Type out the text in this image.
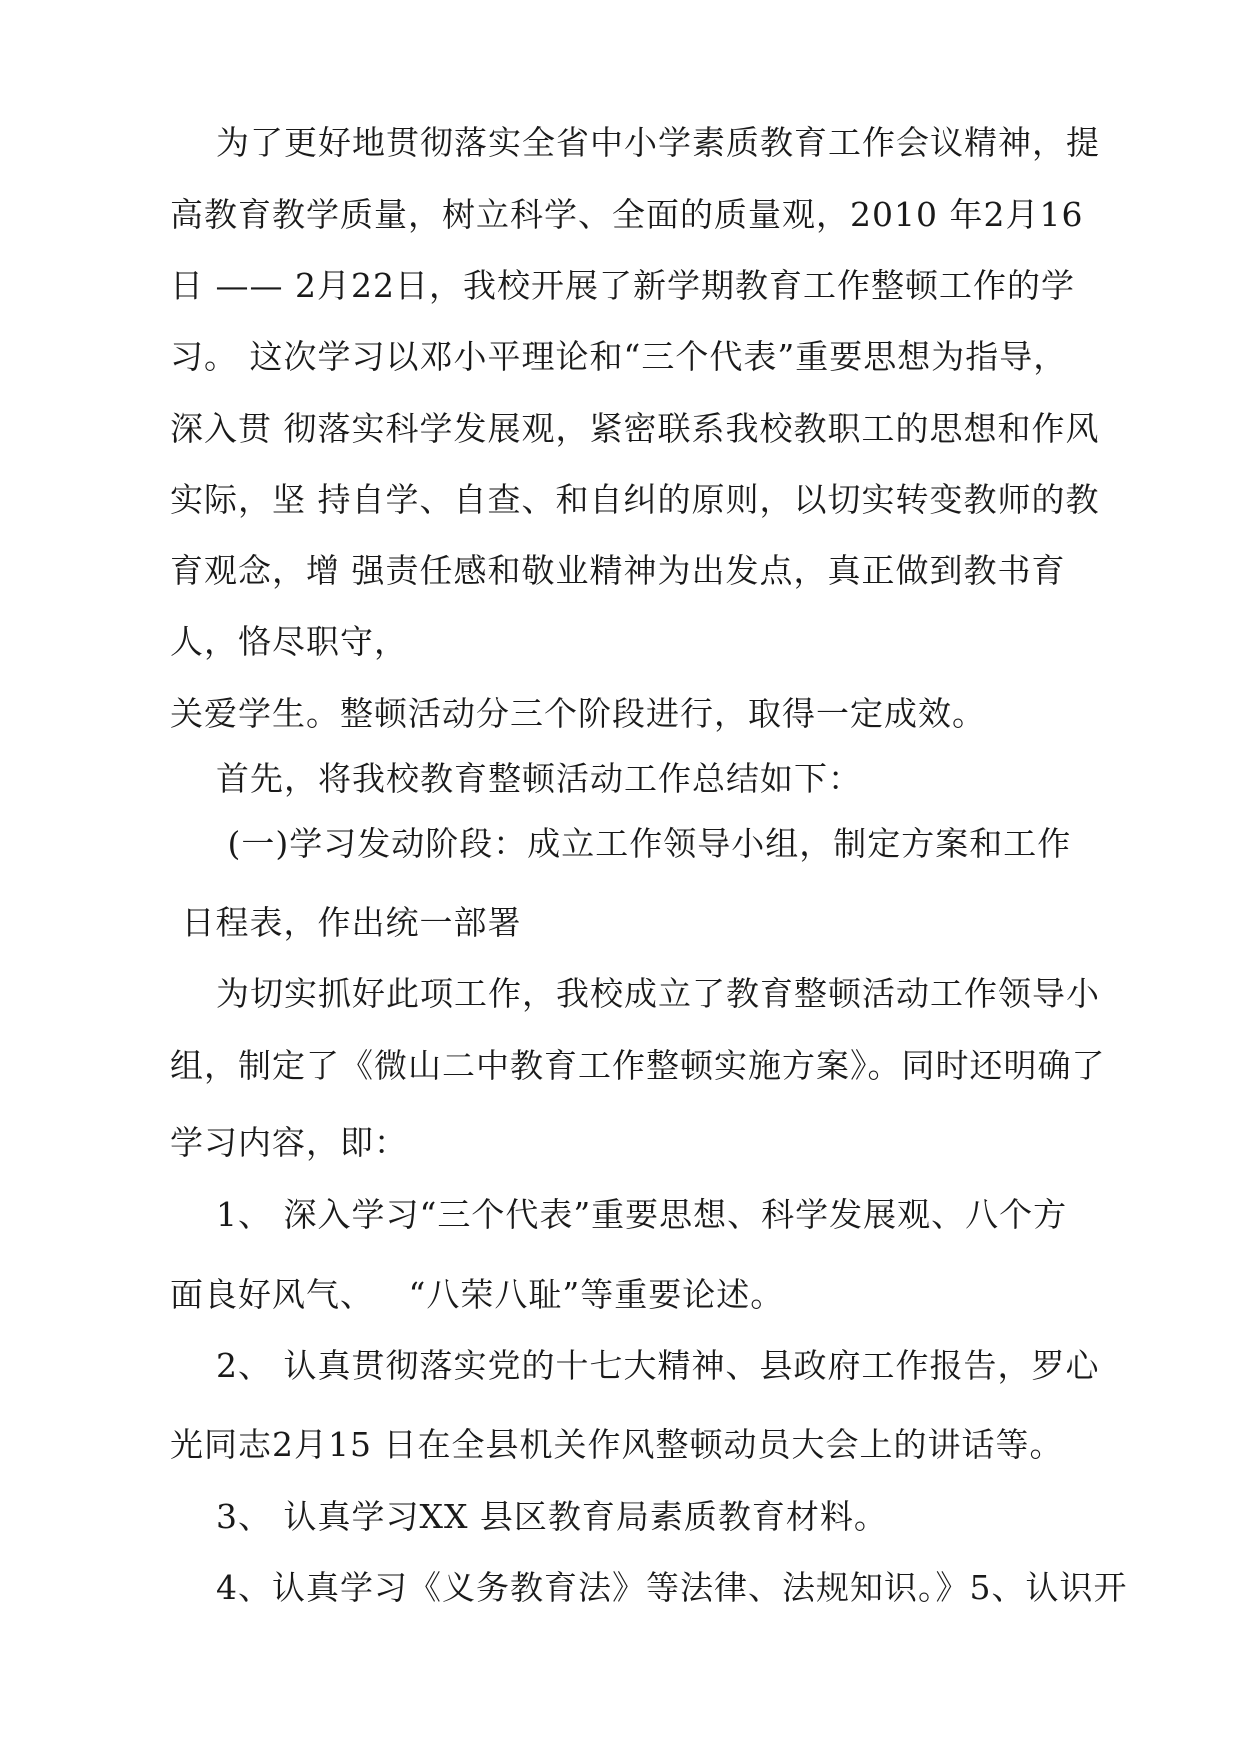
为了更好地贯彻落实全省中小学素质教育工作会议精神，提
高教育教学质量，树立科学、全面的质量观，2010 年2月16
日 —— 2月22日，我校开展了新学期教育工作整顿工作的学
习。 这次学习以邓小平理论和“三个代表”重要思想为指导，
深入贯 彻落实科学发展观，紧密联系我校教职工的思想和作风
实际，坚 持自学、自查、和自纠的原则，以切实转变教师的教
育观念，增 强责任感和敬业精神为出发点，真正做到教书育
人，恪尽职守，
关爱学生。整顿活动分三个阶段进行，取得一定成效。
首先，将我校教育整顿活动工作总结如下：
(一)学习发动阶段：成立工作领导小组，制定方案和工作
日程表，作出统一部署
为切实抓好此项工作，我校成立了教育整顿活动工作领导小
组，制定了《微山二中教育工作整顿实施方案》。同时还明确了
学习内容，即：
1、 深入学习“三个代表”重要思想、科学发展观、八个方
面良好风气、   “八荣八耻”等重要论述。
2、 认真贯彻落实党的十七大精神、县政府工作报告，罗心
光同志2月15 日在全县机关作风整顿动员大会上的讲话等。
3、 认真学习XX 县区教育局素质教育材料。
4、认真学习《义务教育法》等法律、法规知识。》5、认识开
